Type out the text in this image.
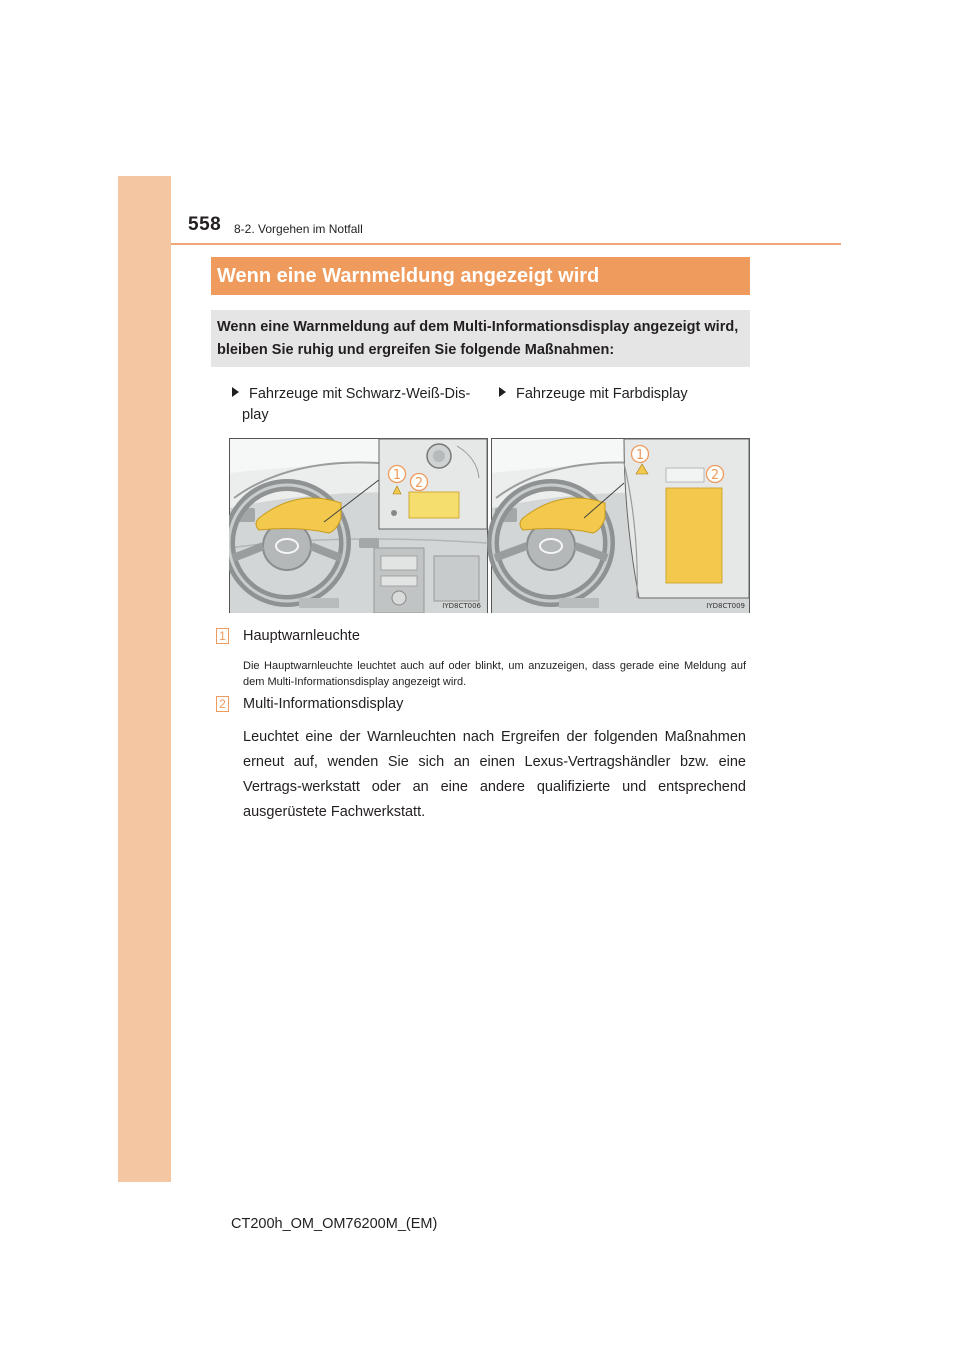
558 8-2. Vorgehen im Notfall
Wenn eine Warnmeldung angezeigt wird
Wenn eine Warnmeldung auf dem Multi-Informationsdisplay angezeigt wird, bleiben Sie ruhig und ergreifen Sie folgende Maßnahmen:
Fahrzeuge mit Schwarz-Weiß-Dis-
play
Fahrzeuge mit Farbdisplay
1
2
IYD8CT006
1
2
IYD8CT009
1 Hauptwarnleuchte
Die Hauptwarnleuchte leuchtet auch auf oder blinkt, um anzuzeigen, dass gerade eine Meldung auf dem Multi-Informationsdisplay angezeigt wird.
2 Multi-Informationsdisplay
Leuchtet eine der Warnleuchten nach Ergreifen der folgenden Maßnahmen erneut auf, wenden Sie sich an einen Lexus-Vertragshändler bzw. eine Vertrags-werkstatt oder an eine andere qualifizierte und entsprechend ausgerüstete Fachwerkstatt.
CT200h_OM_OM76200M_(EM)
